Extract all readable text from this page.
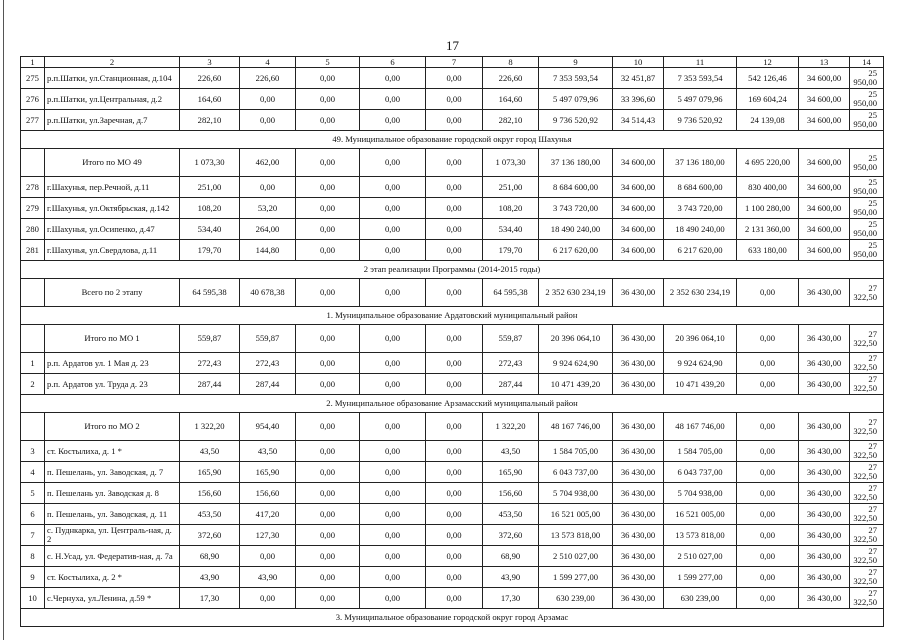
17
1	2	3	4	5	6	7	8	9	10	11	12	13	14
275	р.п.Шатки, ул.Станционная, д.104	226,60	226,60	0,00	0,00	0,00	226,60	7 353 593,54	32 451,87	7 353 593,54	542 126,46	34 600,00	25 950,00
276	р.п.Шатки, ул.Центральная, д.2	164,60	0,00	0,00	0,00	0,00	164,60	5 497 079,96	33 396,60	5 497 079,96	169 604,24	34 600,00	25 950,00
277	р.п.Шатки, ул.Заречная, д.7	282,10	0,00	0,00	0,00	0,00	282,10	9 736 520,92	34 514,43	9 736 520,92	24 139,08	34 600,00	25 950,00
49. Муниципальное образование городской округ город Шахунья													
	Итого по МО 49	1 073,30	462,00	0,00	0,00	0,00	1 073,30	37 136 180,00	34 600,00	37 136 180,00	4 695 220,00	34 600,00	25 950,00
278	г.Шахунья, пер.Речной, д.11	251,00	0,00	0,00	0,00	0,00	251,00	8 684 600,00	34 600,00	8 684 600,00	830 400,00	34 600,00	25 950,00
279	г.Шахунья, ул.Октябрьская, д.142	108,20	53,20	0,00	0,00	0,00	108,20	3 743 720,00	34 600,00	3 743 720,00	1 100 280,00	34 600,00	25 950,00
280	г.Шахунья, ул.Осипенко, д.47	534,40	264,00	0,00	0,00	0,00	534,40	18 490 240,00	34 600,00	18 490 240,00	2 131 360,00	34 600,00	25 950,00
281	г.Шахунья, ул.Свердлова, д.11	179,70	144,80	0,00	0,00	0,00	179,70	6 217 620,00	34 600,00	6 217 620,00	633 180,00	34 600,00	25 950,00
2 этап реализации Программы (2014-2015 годы)													
	Всего по 2 этапу	64 595,38	40 678,38	0,00	0,00	0,00	64 595,38	2 352 630 234,19	36 430,00	2 352 630 234,19	0,00	36 430,00	27 322,50
1. Муниципальное образование Ардатовский муниципальный район													
	Итого по МО 1	559,87	559,87	0,00	0,00	0,00	559,87	20 396 064,10	36 430,00	20 396 064,10	0,00	36 430,00	27 322,50
1	р.п. Ардатов ул. 1 Мая д. 23	272,43	272,43	0,00	0,00	0,00	272,43	9 924 624,90	36 430,00	9 924 624,90	0,00	36 430,00	27 322,50
2	р.п. Ардатов ул. Труда д. 23	287,44	287,44	0,00	0,00	0,00	287,44	10 471 439,20	36 430,00	10 471 439,20	0,00	36 430,00	27 322,50
2. Муниципальное образование Арзамасский муниципальный район													
	Итого по МО 2	1 322,20	954,40	0,00	0,00	0,00	1 322,20	48 167 746,00	36 430,00	48 167 746,00	0,00	36 430,00	27 322,50
3	ст. Костылиха, д. 1 *	43,50	43,50	0,00	0,00	0,00	43,50	1 584 705,00	36 430,00	1 584 705,00	0,00	36 430,00	27 322,50
4	п. Пешелань, ул. Заводская, д. 7	165,90	165,90	0,00	0,00	0,00	165,90	6 043 737,00	36 430,00	6 043 737,00	0,00	36 430,00	27 322,50
5	п. Пешелань ул. Заводская д. 8	156,60	156,60	0,00	0,00	0,00	156,60	5 704 938,00	36 430,00	5 704 938,00	0,00	36 430,00	27 322,50
6	п. Пешелань, ул. Заводская, д. 11	453,50	417,20	0,00	0,00	0,00	453,50	16 521 005,00	36 430,00	16 521 005,00	0,00	36 430,00	27 322,50
7	с. Пуднкарка, ул. Централь-ная, д. 2	372,60	127,30	0,00	0,00	0,00	372,60	13 573 818,00	36 430,00	13 573 818,00	0,00	36 430,00	27 322,50
8	с. Н.Усад, ул. Федератив-ная, д. 7а	68,90	0,00	0,00	0,00	0,00	68,90	2 510 027,00	36 430,00	2 510 027,00	0,00	36 430,00	27 322,50
9	ст. Костылиха, д. 2 *	43,90	43,90	0,00	0,00	0,00	43,90	1 599 277,00	36 430,00	1 599 277,00	0,00	36 430,00	27 322,50
10	с.Чернуха, ул.Ленина, д.59 *	17,30	0,00	0,00	0,00	0,00	17,30	630 239,00	36 430,00	630 239,00	0,00	36 430,00	27 322,50
3. Муниципальное образование городской округ город Арзамас													
